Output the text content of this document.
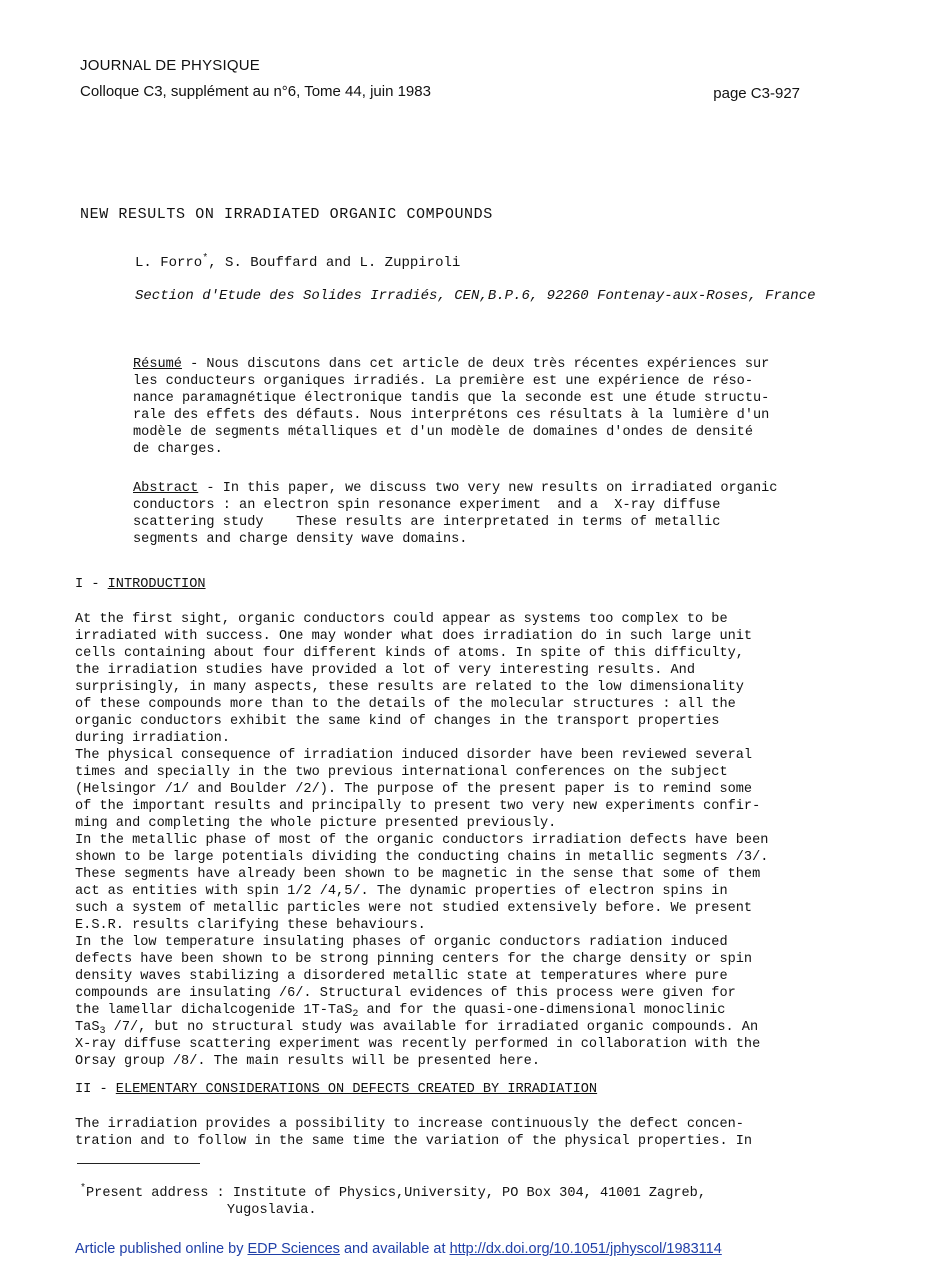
JOURNAL DE PHYSIQUE
Colloque C3, supplément au n°6, Tome 44, juin 1983	page C3-927
NEW RESULTS ON IRRADIATED ORGANIC COMPOUNDS
L. Forro*, S. Bouffard and L. Zuppiroli
Section d'Etude des Solides Irradiés, CEN,B.P.6, 92260 Fontenay-aux-Roses, France
Résumé - Nous discutons dans cet article de deux très récentes expériences sur
les conducteurs organiques irradiés. La première est une expérience de réso-
nance paramagnétique électronique tandis que la seconde est une étude structu-
rale des effets des défauts. Nous interprétons ces résultats à la lumière d'un
modèle de segments métalliques et d'un modèle de domaines d'ondes de densité
de charges.
Abstract - In this paper, we discuss two very new results on irradiated organic
conductors : an electron spin resonance experiment  and a  X-ray diffuse
scattering study    These results are interpretated in terms of metallic
segments and charge density wave domains.
I - INTRODUCTION
At the first sight, organic conductors could appear as systems too complex to be
irradiated with success. One may wonder what does irradiation do in such large unit
cells containing about four different kinds of atoms. In spite of this difficulty,
the irradiation studies have provided a lot of very interesting results. And
surprisingly, in many aspects, these results are related to the low dimensionality
of these compounds more than to the details of the molecular structures : all the
organic conductors exhibit the same kind of changes in the transport properties
during irradiation.
The physical consequence of irradiation induced disorder have been reviewed several
times and specially in the two previous international conferences on the subject
(Helsingor /1/ and Boulder /2/). The purpose of the present paper is to remind some
of the important results and principally to present two very new experiments confir-
ming and completing the whole picture presented previously.
In the metallic phase of most of the organic conductors irradiation defects have been
shown to be large potentials dividing the conducting chains in metallic segments /3/.
These segments have already been shown to be magnetic in the sense that some of them
act as entities with spin 1/2 /4,5/. The dynamic properties of electron spins in
such a system of metallic particles were not studied extensively before. We present
E.S.R. results clarifying these behaviours.
In the low temperature insulating phases of organic conductors radiation induced
defects have been shown to be strong pinning centers for the charge density or spin
density waves stabilizing a disordered metallic state at temperatures where pure
compounds are insulating /6/. Structural evidences of this process were given for
the lamellar dichalcogenide 1T-TaS$_2$ and for the quasi-one-dimensional monoclinic
TaS$_3$ /7/, but no structural study was available for irradiated organic compounds. An
X-ray diffuse scattering experiment was recently performed in collaboration with the
Orsay group /8/. The main results will be presented here.
II - ELEMENTARY CONSIDERATIONS ON DEFECTS CREATED BY IRRADIATION
The irradiation provides a possibility to increase continuously the defect concen-
tration and to follow in the same time the variation of the physical properties. In
*Present address : Institute of Physics,University, PO Box 304, 41001 Zagreb,
Yugoslavia.
Article published online by EDP Sciences and available at http://dx.doi.org/10.1051/jphyscol/1983114
